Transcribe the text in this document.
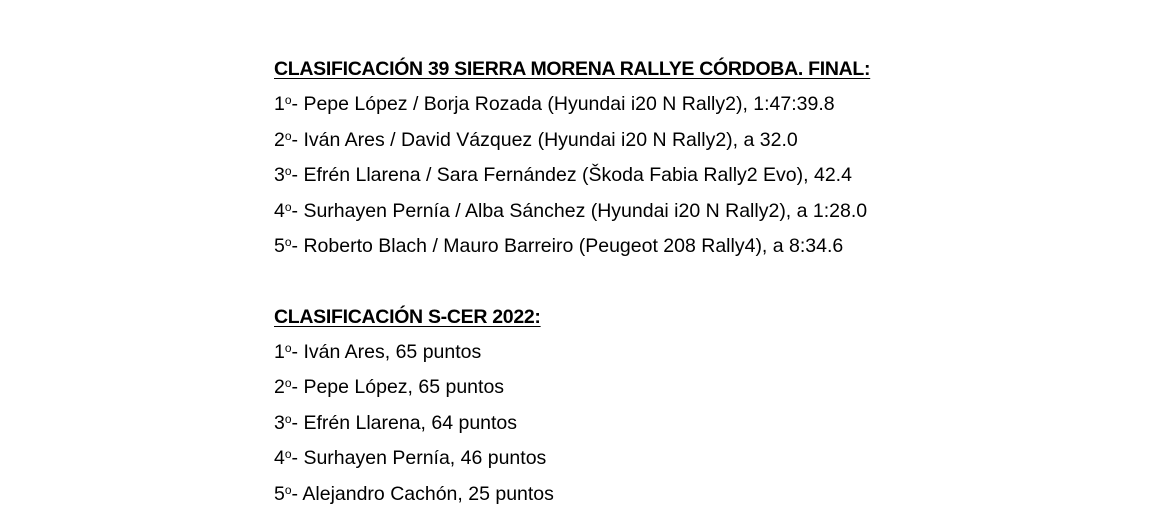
CLASIFICACIÓN 39 SIERRA MORENA RALLYE CÓRDOBA. FINAL:
1$^o$- Pepe López / Borja Rozada (Hyundai i20 N Rally2), 1:47:39.8
2$^o$- Iván Ares / David Vázquez (Hyundai i20 N Rally2), a 32.0
3$^o$- Efrén Llarena / Sara Fernández (Škoda Fabia Rally2 Evo), 42.4
4$^o$- Surhayen Pernía / Alba Sánchez (Hyundai i20 N Rally2), a 1:28.0
5$^o$- Roberto Blach / Mauro Barreiro (Peugeot 208 Rally4), a 8:34.6
CLASIFICACIÓN S-CER 2022:
1$^o$- Iván Ares, 65 puntos
2$^o$- Pepe López, 65 puntos
3$^o$- Efrén Llarena, 64 puntos
4$^o$- Surhayen Pernía, 46 puntos
5$^o$- Alejandro Cachón, 25 puntos
